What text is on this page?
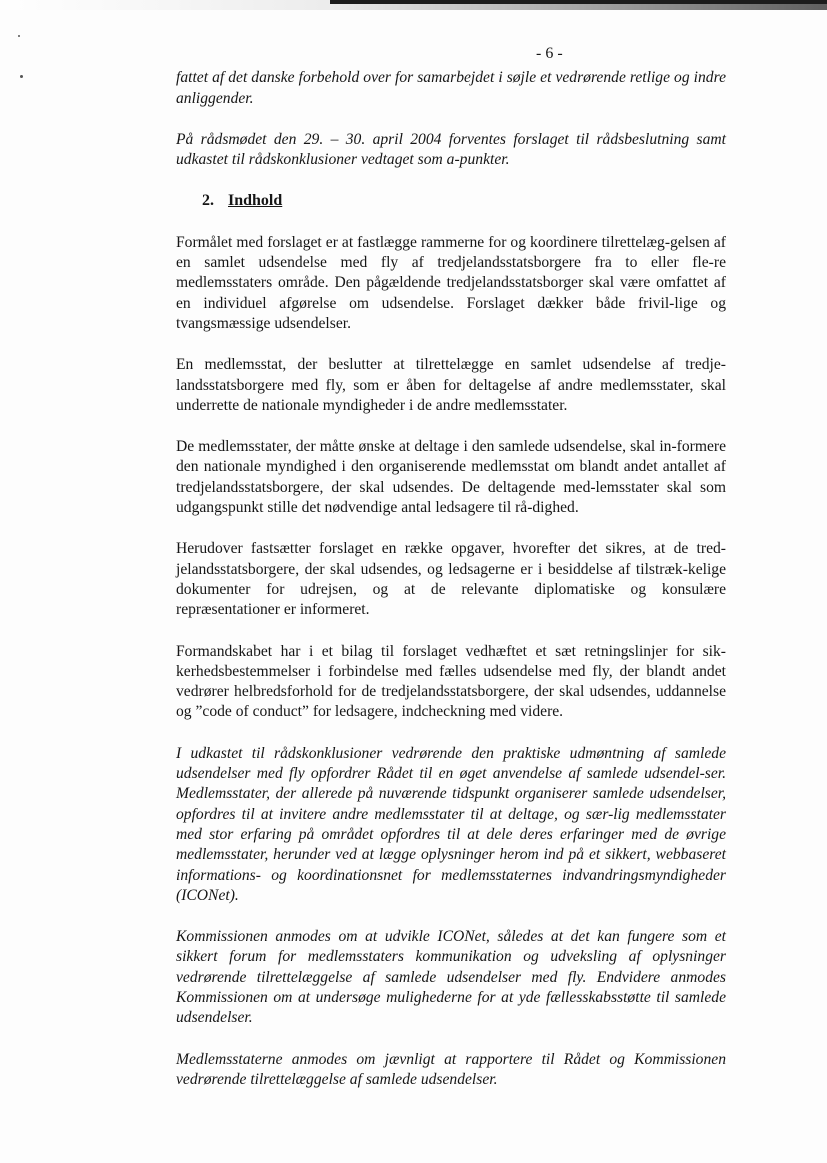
- 6 -

fattet af det danske forbehold over for samarbejdet i søjle et vedrørende retlige og indre anliggender.

På rådsmødet den 29. – 30. april 2004 forventes forslaget til rådsbeslutning samt udkastet til rådskonklusioner vedtaget som a-punkter.

2. Indhold

Formålet med forslaget er at fastlægge rammerne for og koordinere tilrettelæg-gelsen af en samlet udsendelse med fly af tredjelandsstatsborgere fra to eller fle-re medlemsstaters område. Den pågældende tredjelandsstatsborger skal være omfattet af en individuel afgørelse om udsendelse. Forslaget dækker både frivil-lige og tvangsmæssige udsendelser.

En medlemsstat, der beslutter at tilrettelægge en samlet udsendelse af tredje-landsstatsborgere med fly, som er åben for deltagelse af andre medlemsstater, skal underrette de nationale myndigheder i de andre medlemsstater.

De medlemsstater, der måtte ønske at deltage i den samlede udsendelse, skal in-formere den nationale myndighed i den organiserende medlemsstat om blandt andet antallet af tredjelandsstatsborgere, der skal udsendes. De deltagende med-lemsstater skal som udgangspunkt stille det nødvendige antal ledsagere til rå-dighed.

Herudover fastsætter forslaget en række opgaver, hvorefter det sikres, at de tred-jelandsstatsborgere, der skal udsendes, og ledsagerne er i besiddelse af tilstræk-kelige dokumenter for udrejsen, og at de relevante diplomatiske og konsulære repræsentationer er informeret.

Formandskabet har i et bilag til forslaget vedhæftet et sæt retningslinjer for sik-kerhedsbestemmelser i forbindelse med fælles udsendelse med fly, der blandt andet vedrører helbredsforhold for de tredjelandsstatsborgere, der skal udsendes, uddannelse og ”code of conduct” for ledsagere, indcheckning med videre.

I udkastet til rådskonklusioner vedrørende den praktiske udmøntning af samlede udsendelser med fly opfordrer Rådet til en øget anvendelse af samlede udsendel-ser. Medlemsstater, der allerede på nuværende tidspunkt organiserer samlede udsendelser, opfordres til at invitere andre medlemsstater til at deltage, og sær-lig medlemsstater med stor erfaring på området opfordres til at dele deres erfaringer med de øvrige medlemsstater, herunder ved at lægge oplysninger herom ind på et sikkert, webbaseret informations- og koordinationsnet for medlemsstaternes indvandringsmyndigheder (ICONet).

Kommissionen anmodes om at udvikle ICONet, således at det kan fungere som et sikkert forum for medlemsstaters kommunikation og udveksling af oplysninger vedrørende tilrettelæggelse af samlede udsendelser med fly. Endvidere anmodes Kommissionen om at undersøge mulighederne for at yde fællesskabsstøtte til samlede udsendelser.

Medlemsstaterne anmodes om jævnligt at rapportere til Rådet og Kommissionen vedrørende tilrettelæggelse af samlede udsendelser.
